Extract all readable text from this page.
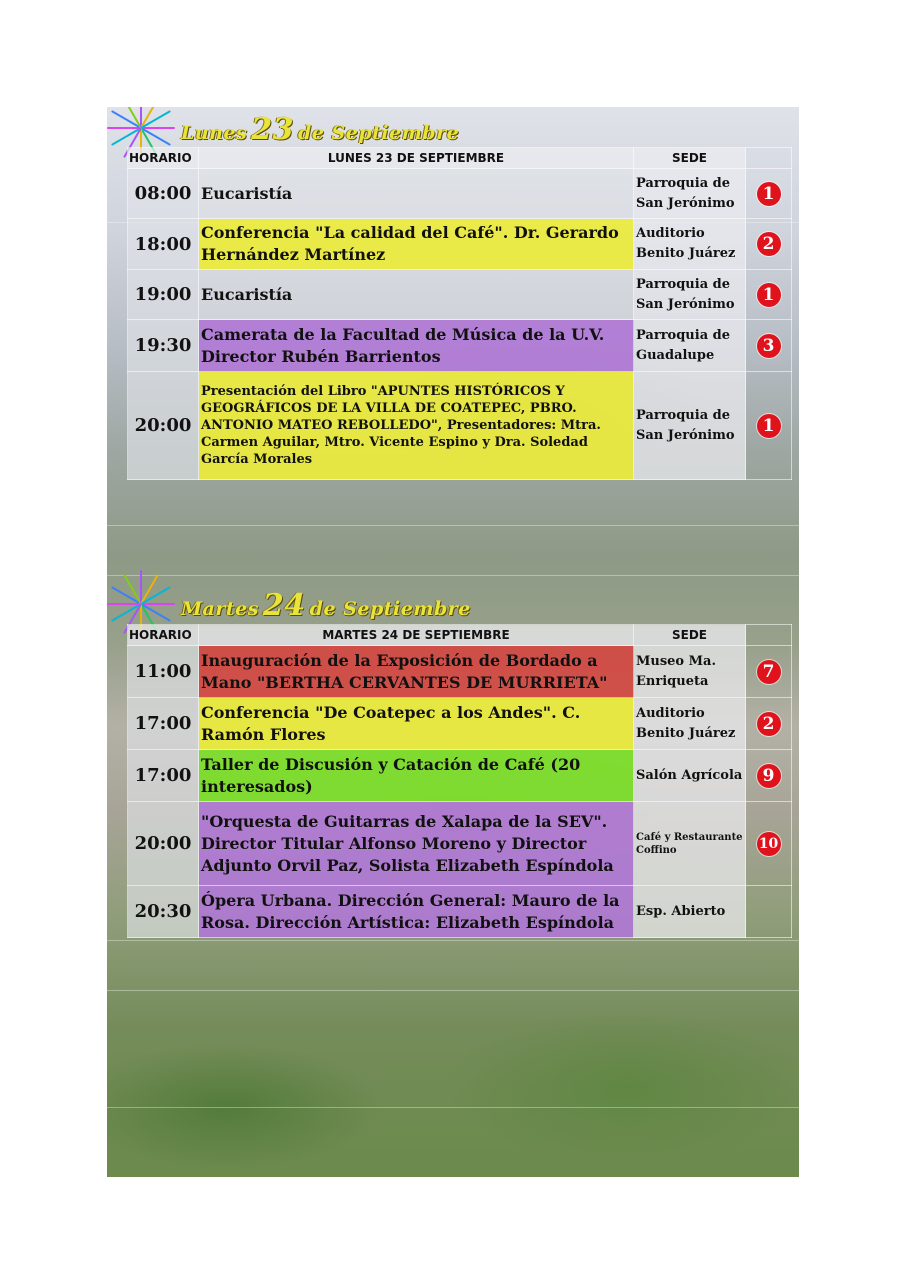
Lunes 23 de Septiembre
HORARIO	LUNES 23 DE SEPTIEMBRE	SEDE	
08:00	Eucaristía	Parroquia de San Jerónimo	1
18:00	Conferencia "La calidad del Café". Dr. Gerardo Hernández Martínez	Auditorio Benito Juárez	2
19:00	Eucaristía	Parroquia de San Jerónimo	1
19:30	Camerata de la Facultad de Música de la U.V. Director Rubén Barrientos	Parroquia de Guadalupe	3
20:00	Presentación del Libro "APUNTES HISTÓRICOS Y GEOGRÁFICOS DE LA VILLA DE COATEPEC, PBRO. ANTONIO MATEO REBOLLEDO", Presentadores: Mtra. Carmen Aguilar, Mtro. Vicente Espino y Dra. Soledad García Morales	Parroquia de San Jerónimo	1
Martes 24 de Septiembre
HORARIO	MARTES 24 DE SEPTIEMBRE	SEDE	
11:00	Inauguración de la Exposición de Bordado a Mano "BERTHA CERVANTES DE MURRIETA"	Museo Ma. Enriqueta	7
17:00	Conferencia "De Coatepec a los Andes". C. Ramón Flores	Auditorio Benito Juárez	2
17:00	Taller de Discusión y Catación de Café (20 interesados)	Salón Agrícola	9
20:00	"Orquesta de Guitarras de Xalapa de la SEV". Director Titular Alfonso Moreno y Director Adjunto Orvil Paz, Solista Elizabeth Espíndola	Café y Restaurante Coffino	10
20:30	Ópera Urbana. Dirección General: Mauro de la Rosa. Dirección Artística: Elizabeth Espíndola	Esp. Abierto	
